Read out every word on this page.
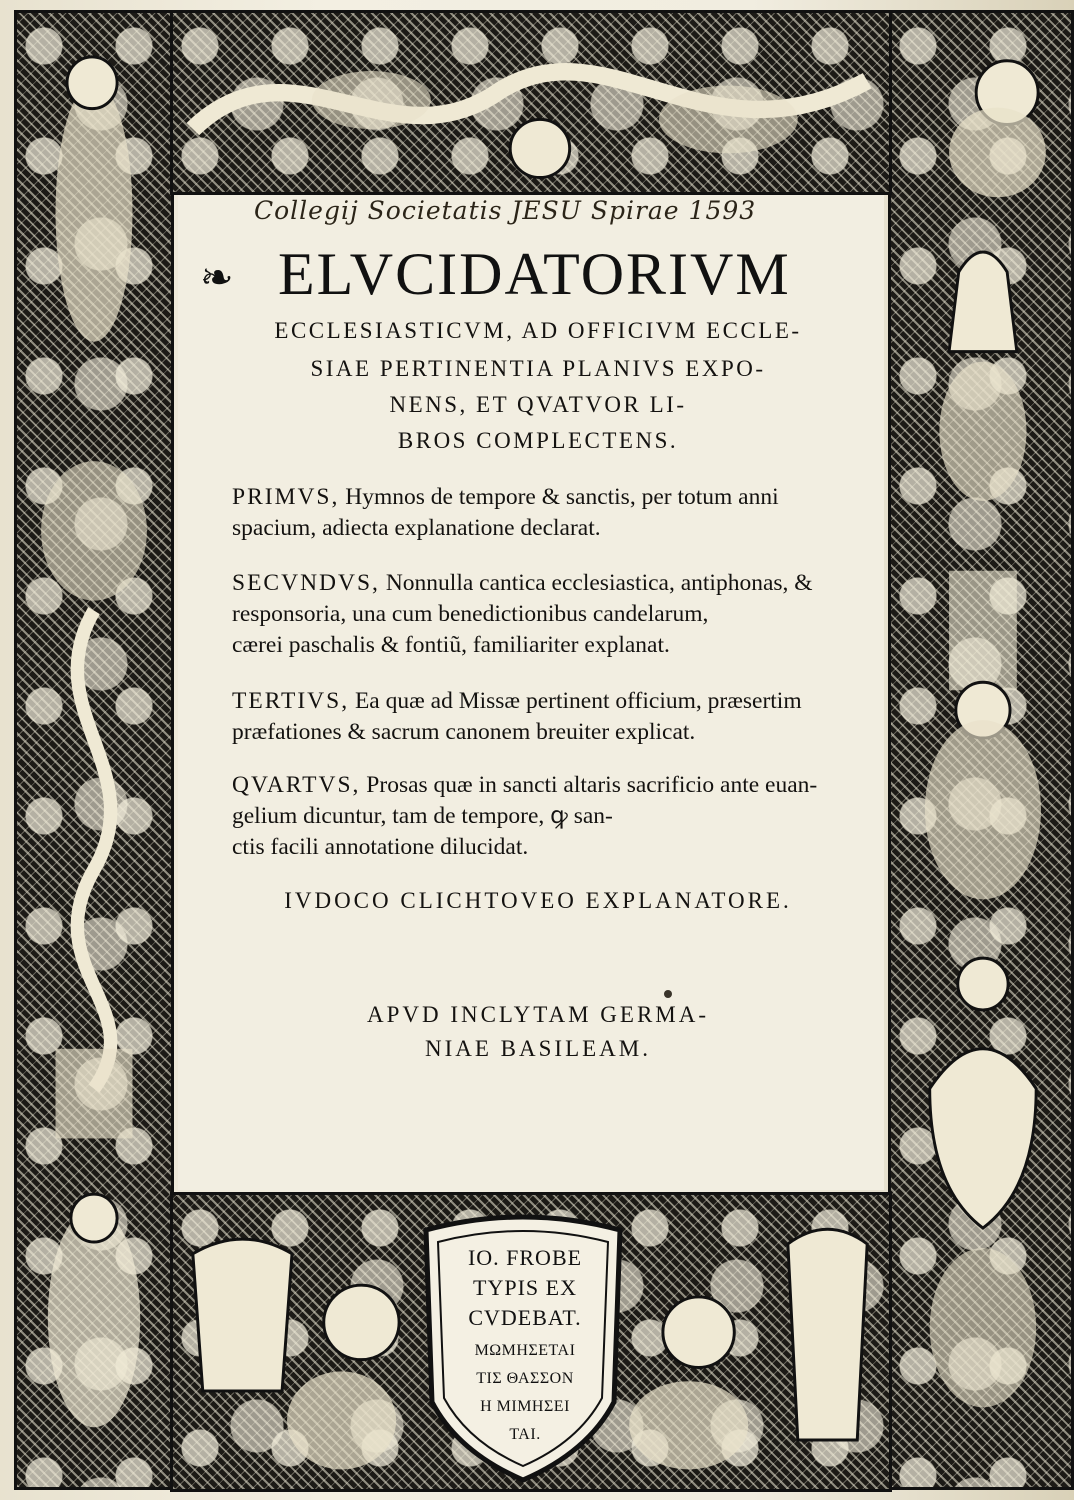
Collegij Societatis JESU Spirae 1593
❧ ELVCIDATORIVM
ECCLESIASTICVM, AD OFFICIVM ECCLE-
SIAE PERTINENTIA PLANIVS EXPO-
NENS, ET QVATVOR LI-
BROS COMPLECTENS.
PRIMVS, Hymnos de tempore & sanctis, per totum anni
spacium, adiecta explanatione declarat.
SECVNDVS, Nonnulla cantica ecclesiastica, antiphonas, &
responsoria, una cum benedictionibus candelarum,
cærei paschalis & fontiũ, familiariter explanat.
TERTIVS, Ea quæ ad Missæ pertinent officium, præsertim
præfationes & sacrum canonem breuiter explicat.
QVARTVS, Prosas quæ in sancti altaris sacrificio ante euan-
gelium dicuntur, tam de tempore, ꝙ san-
ctis facili annotatione dilucidat.
IVDOCO CLICHTOVEO EXPLANATORE.
APVD INCLYTAM GERMA-
NIAE BASILEAM.
IO. FROBE
TYPIS EX
CVDEBAT.
ΜΩΜΗΣΕΤΑΙ
ΤΙΣ ΘΑΣΣΟΝ
Η ΜΙΜΗΣΕΙ
ΤΑΙ.
